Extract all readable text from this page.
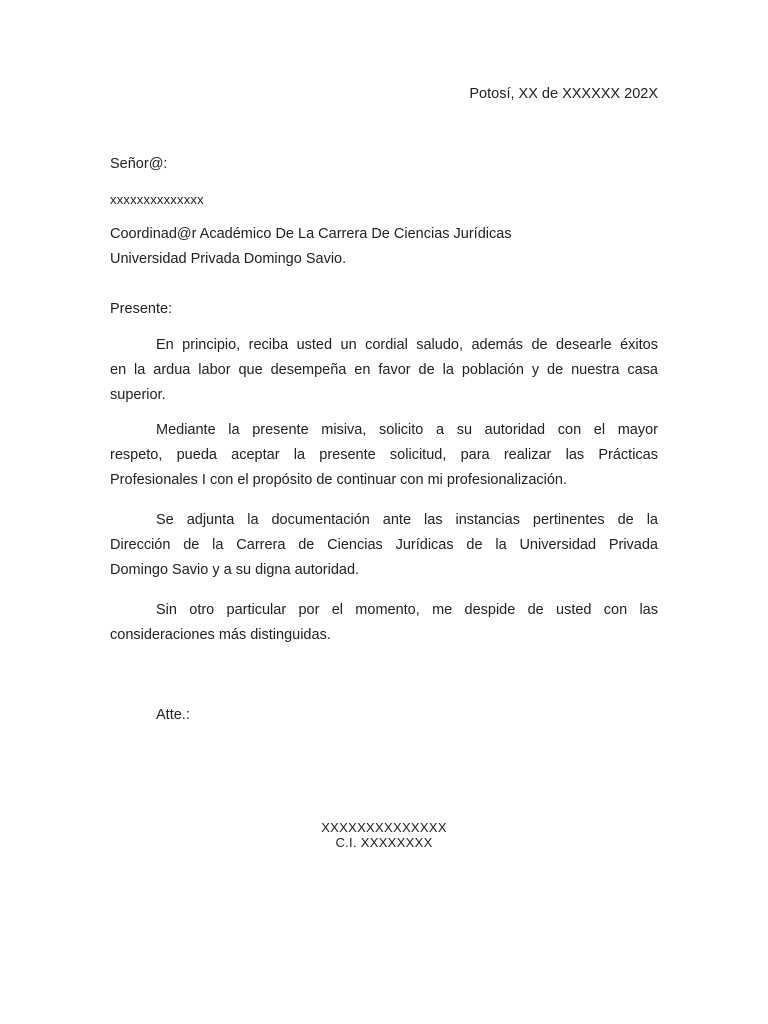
Potosí, XX de XXXXXX 202X
Señor@:
xxxxxxxxxxxxxx
Coordinad@r Académico De La Carrera De Ciencias Jurídicas
Universidad Privada Domingo Savio.
Presente:
En principio, reciba usted un cordial saludo, además de desearle éxitos
en la ardua labor que desempeña en favor de la población y de nuestra casa
superior.
Mediante la presente misiva, solicito a su autoridad con el mayor
respeto, pueda aceptar la presente solicitud, para realizar las Prácticas
Profesionales I con el propósito de continuar con mi profesionalización.
Se adjunta la documentación ante las instancias pertinentes de la
Dirección de la Carrera de Ciencias Jurídicas de la Universidad Privada
Domingo Savio y a su digna autoridad.
Sin otro particular por el momento, me despide de usted con las
consideraciones más distinguidas.
Atte.:
XXXXXXXXXXXXXX
C.I. XXXXXXXX
